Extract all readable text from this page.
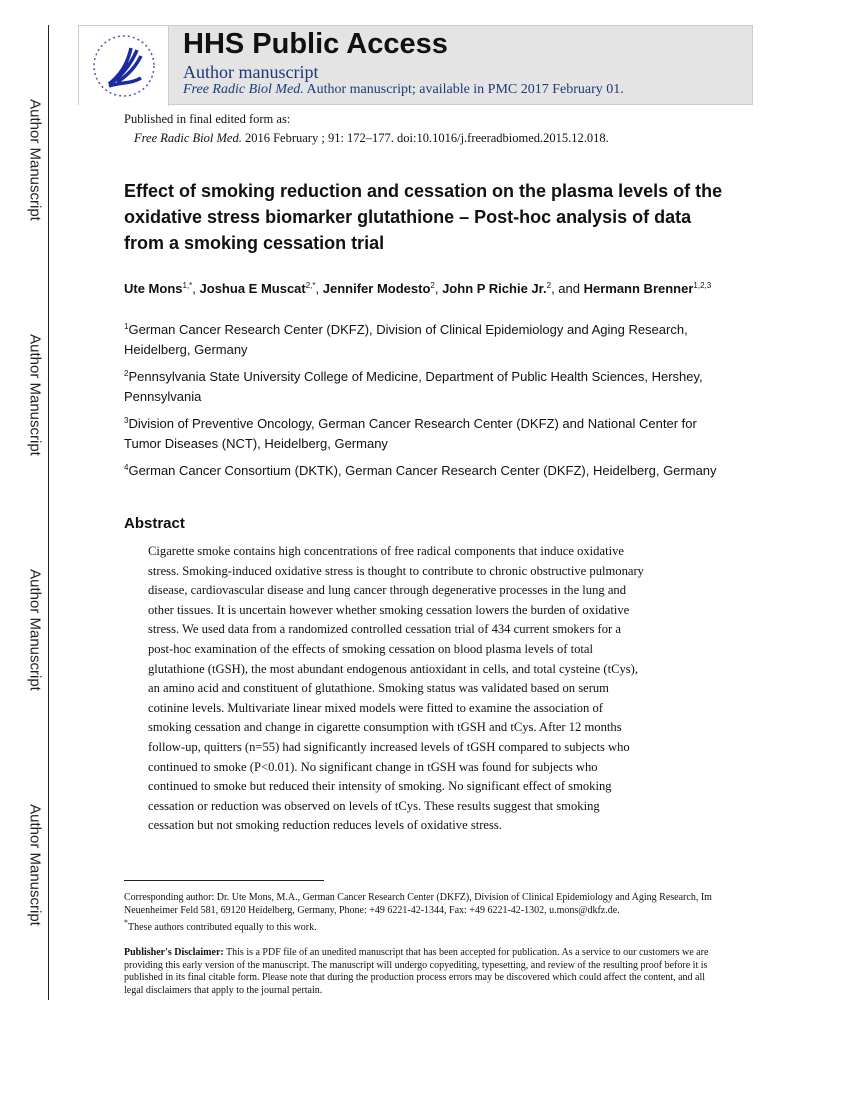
Author Manuscript
Author Manuscript
Author Manuscript
Author Manuscript
HHS Public Access
Author manuscript
Free Radic Biol Med. Author manuscript; available in PMC 2017 February 01.
Published in final edited form as:
Free Radic Biol Med. 2016 February ; 91: 172–177. doi:10.1016/j.freeradbiomed.2015.12.018.
Effect of smoking reduction and cessation on the plasma levels of the oxidative stress biomarker glutathione – Post-hoc analysis of data from a smoking cessation trial
Ute Mons$^{1,*}$, Joshua E Muscat$^{2,*}$, Jennifer Modesto$^2$, John P Richie Jr.$^2$, and Hermann Brenner$^{1,2,3}$
$^1$German Cancer Research Center (DKFZ), Division of Clinical Epidemiology and Aging Research, Heidelberg, Germany
$^2$Pennsylvania State University College of Medicine, Department of Public Health Sciences, Hershey, Pennsylvania
$^3$Division of Preventive Oncology, German Cancer Research Center (DKFZ) and National Center for Tumor Diseases (NCT), Heidelberg, Germany
$^4$German Cancer Consortium (DKTK), German Cancer Research Center (DKFZ), Heidelberg, Germany
Abstract
Cigarette smoke contains high concentrations of free radical components that induce oxidative
stress. Smoking-induced oxidative stress is thought to contribute to chronic obstructive pulmonary
disease, cardiovascular disease and lung cancer through degenerative processes in the lung and
other tissues. It is uncertain however whether smoking cessation lowers the burden of oxidative
stress. We used data from a randomized controlled cessation trial of 434 current smokers for a
post-hoc examination of the effects of smoking cessation on blood plasma levels of total
glutathione (tGSH), the most abundant endogenous antioxidant in cells, and total cysteine (tCys),
an amino acid and constituent of glutathione. Smoking status was validated based on serum
cotinine levels. Multivariate linear mixed models were fitted to examine the association of
smoking cessation and change in cigarette consumption with tGSH and tCys. After 12 months
follow-up, quitters (n=55) had significantly increased levels of tGSH compared to subjects who
continued to smoke (P<0.01). No significant change in tGSH was found for subjects who
continued to smoke but reduced their intensity of smoking. No significant effect of smoking
cessation or reduction was observed on levels of tCys. These results suggest that smoking
cessation but not smoking reduction reduces levels of oxidative stress.
Corresponding author: Dr. Ute Mons, M.A., German Cancer Research Center (DKFZ), Division of Clinical Epidemiology and Aging Research, Im Neuenheimer Feld 581, 69120 Heidelberg, Germany, Phone: +49 6221-42-1344, Fax: +49 6221-42-1302, u.mons@dkfz.de.
*These authors contributed equally to this work.
Publisher's Disclaimer: This is a PDF file of an unedited manuscript that has been accepted for publication. As a service to our customers we are providing this early version of the manuscript. The manuscript will undergo copyediting, typesetting, and review of the resulting proof before it is published in its final citable form. Please note that during the production process errors may be discovered which could affect the content, and all legal disclaimers that apply to the journal pertain.
